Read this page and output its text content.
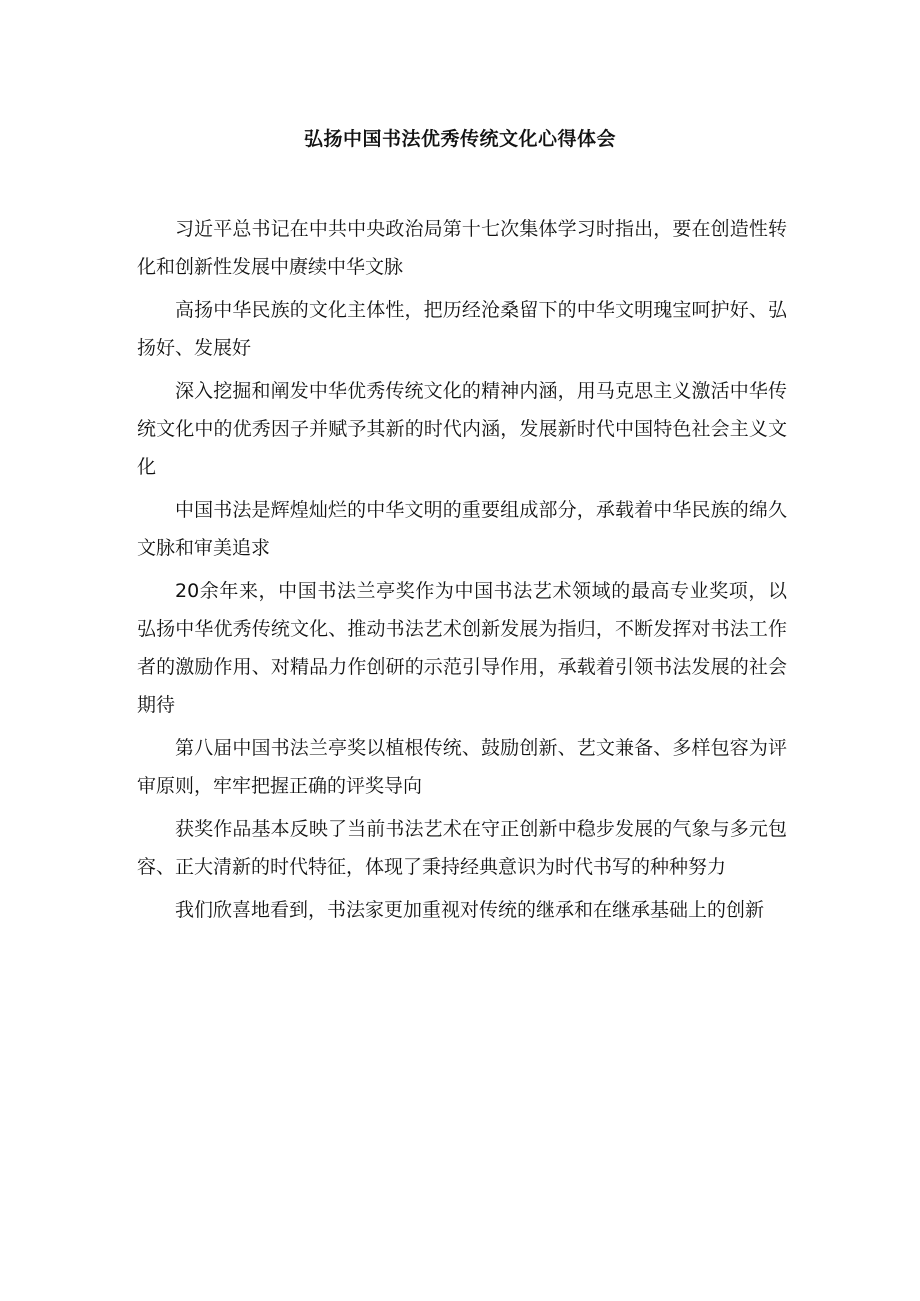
弘扬中国书法优秀传统文化心得体会

习近平总书记在中共中央政治局第十七次集体学习时指出，要在创造性转化和创新性发展中赓续中华文脉

高扬中华民族的文化主体性，把历经沧桑留下的中华文明瑰宝呵护好、弘扬好、发展好

深入挖掘和阐发中华优秀传统文化的精神内涵，用马克思主义激活中华传统文化中的优秀因子并赋予其新的时代内涵，发展新时代中国特色社会主义文化

中国书法是辉煌灿烂的中华文明的重要组成部分，承载着中华民族的绵久文脉和审美追求

20余年来，中国书法兰亭奖作为中国书法艺术领域的最高专业奖项，以弘扬中华优秀传统文化、推动书法艺术创新发展为指归，不断发挥对书法工作者的激励作用、对精品力作创研的示范引导作用，承载着引领书法发展的社会期待

第八届中国书法兰亭奖以植根传统、鼓励创新、艺文兼备、多样包容为评审原则，牢牢把握正确的评奖导向

获奖作品基本反映了当前书法艺术在守正创新中稳步发展的气象与多元包容、正大清新的时代特征，体现了秉持经典意识为时代书写的种种努力

我们欣喜地看到，书法家更加重视对传统的继承和在继承基础上的创新
